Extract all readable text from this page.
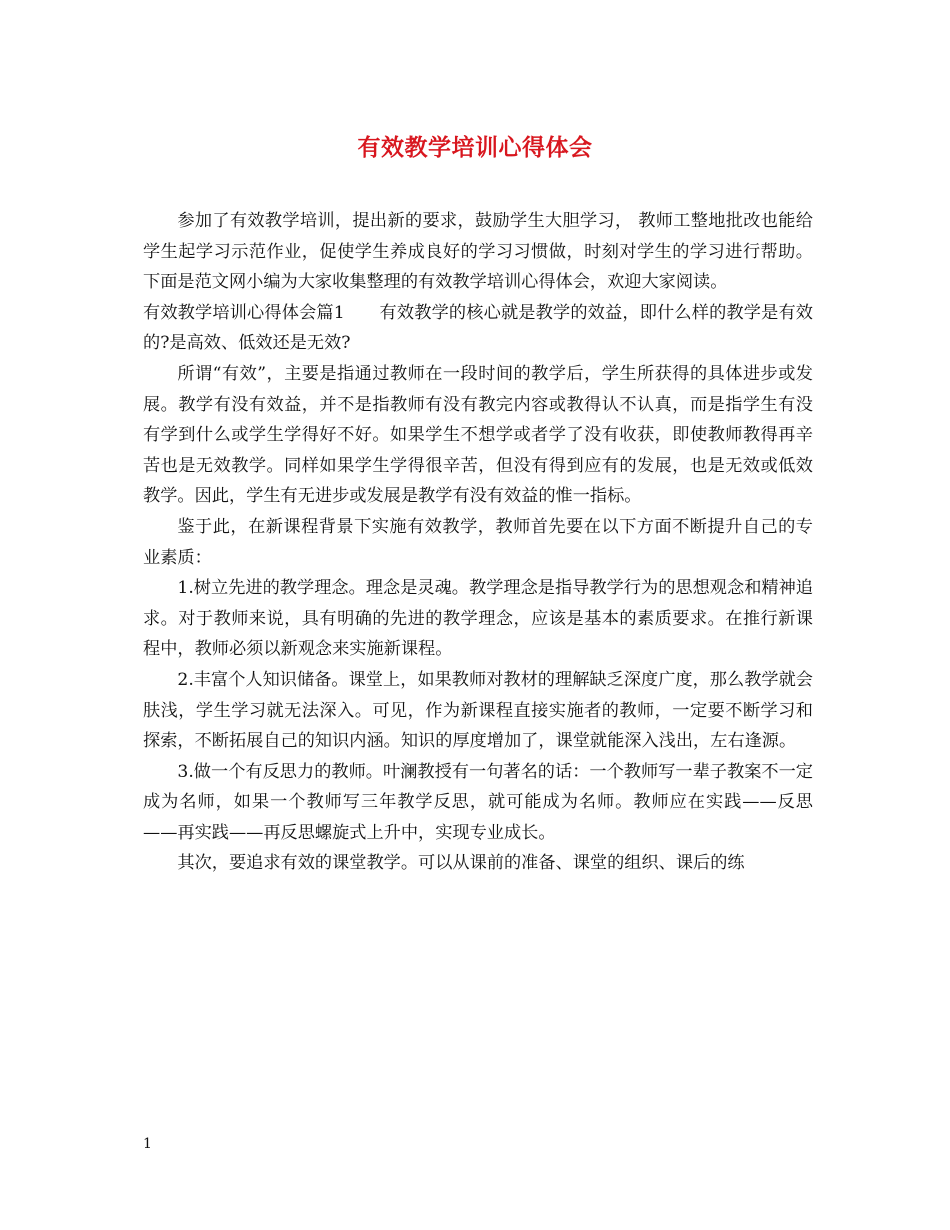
有效教学培训心得体会

参加了有效教学培训，提出新的要求，鼓励学生大胆学习， 教师工整地批改也能给学生起学习示范作业，促使学生养成良好的学习习惯做，时刻对学生的学习进行帮助。下面是范文网小编为大家收集整理的有效教学培训心得体会，欢迎大家阅读。

有效教学培训心得体会篇1　　有效教学的核心就是教学的效益，即什么样的教学是有效的?是高效、低效还是无效?

所谓“有效”，主要是指通过教师在一段时间的教学后，学生所获得的具体进步或发展。教学有没有效益，并不是指教师有没有教完内容或教得认不认真，而是指学生有没有学到什么或学生学得好不好。如果学生不想学或者学了没有收获，即使教师教得再辛苦也是无效教学。同样如果学生学得很辛苦，但没有得到应有的发展，也是无效或低效教学。因此，学生有无进步或发展是教学有没有效益的惟一指标。

鉴于此，在新课程背景下实施有效教学，教师首先要在以下方面不断提升自己的专业素质：

1.树立先进的教学理念。理念是灵魂。教学理念是指导教学行为的思想观念和精神追求。对于教师来说，具有明确的先进的教学理念，应该是基本的素质要求。在推行新课程中，教师必须以新观念来实施新课程。

2.丰富个人知识储备。课堂上，如果教师对教材的理解缺乏深度广度，那么教学就会肤浅，学生学习就无法深入。可见，作为新课程直接实施者的教师，一定要不断学习和探索，不断拓展自己的知识内涵。知识的厚度增加了，课堂就能深入浅出，左右逢源。

3.做一个有反思力的教师。叶澜教授有一句著名的话：一个教师写一辈子教案不一定成为名师，如果一个教师写三年教学反思，就可能成为名师。教师应在实践——反思——再实践——再反思螺旋式上升中，实现专业成长。

其次，要追求有效的课堂教学。可以从课前的准备、课堂的组织、课后的练

1
